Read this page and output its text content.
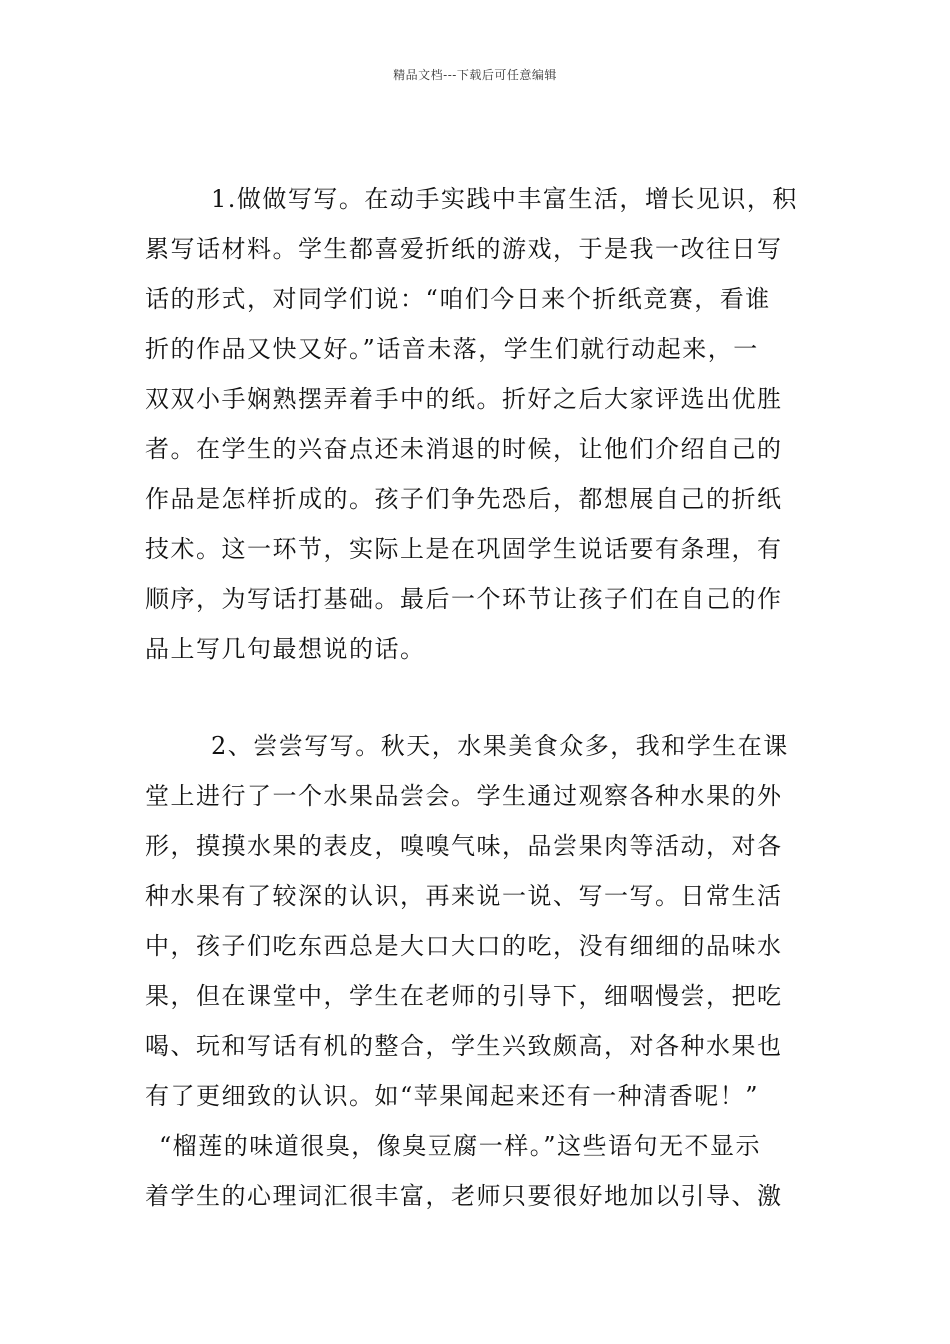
精品文档---下载后可任意编辑
1.做做写写。在动手实践中丰富生活，增长见识，积
累写话材料。学生都喜爱折纸的游戏，于是我一改往日写
话的形式，对同学们说：“咱们今日来个折纸竞赛，看谁
折的作品又快又好。”话音未落，学生们就行动起来，一
双双小手娴熟摆弄着手中的纸。折好之后大家评选出优胜
者。在学生的兴奋点还未消退的时候，让他们介绍自己的
作品是怎样折成的。孩子们争先恐后，都想展自己的折纸
技术。这一环节，实际上是在巩固学生说话要有条理，有
顺序，为写话打基础。最后一个环节让孩子们在自己的作
品上写几句最想说的话。
2、尝尝写写。秋天，水果美食众多，我和学生在课
堂上进行了一个水果品尝会。学生通过观察各种水果的外
形，摸摸水果的表皮，嗅嗅气味，品尝果肉等活动，对各
种水果有了较深的认识，再来说一说、写一写。日常生活
中，孩子们吃东西总是大口大口的吃，没有细细的品味水
果，但在课堂中，学生在老师的引导下，细咽慢尝，把吃
喝、玩和写话有机的整合，学生兴致颇高，对各种水果也
有了更细致的认识。如“苹果闻起来还有一种清香呢！”
“榴莲的味道很臭，像臭豆腐一样。”这些语句无不显示
着学生的心理词汇很丰富，老师只要很好地加以引导、激
